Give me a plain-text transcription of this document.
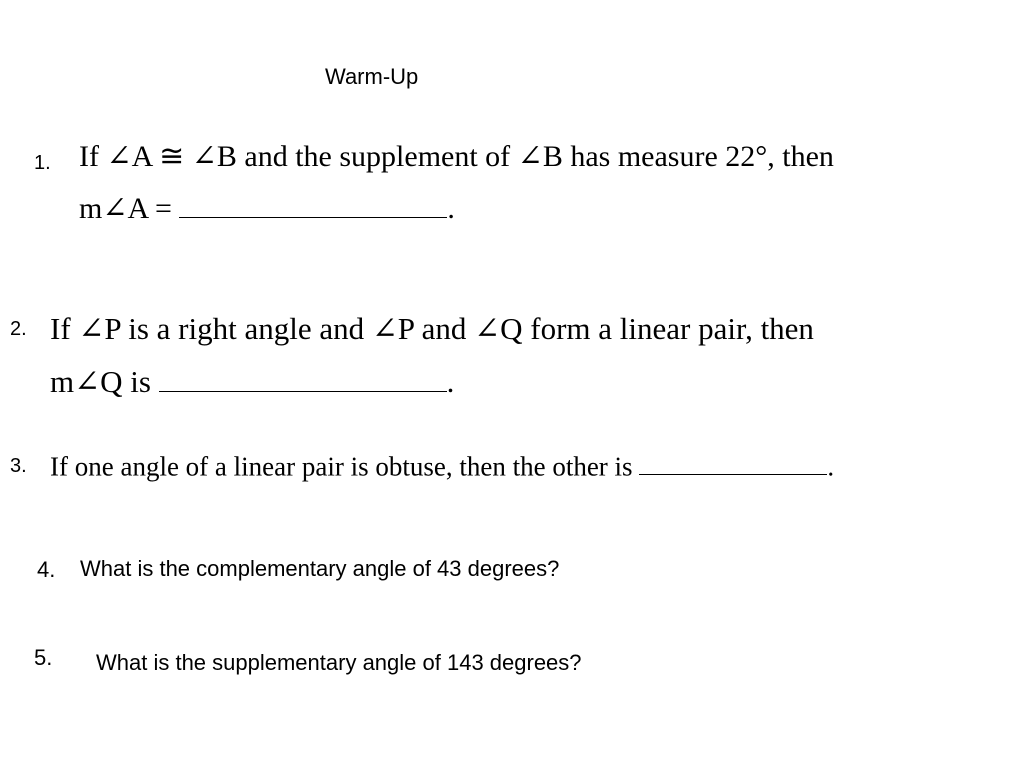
Warm-Up
1. If ∠A ≅ ∠B and the supplement of ∠B has measure 22°, then
m∠A =	.
2. If ∠P is a right angle and ∠P and ∠Q form a linear pair, then
m∠Q is	.
3. If one angle of a linear pair is obtuse, then the other is	.
4. What is the complementary angle of 43 degrees?
5. What is the supplementary angle of 143 degrees?
